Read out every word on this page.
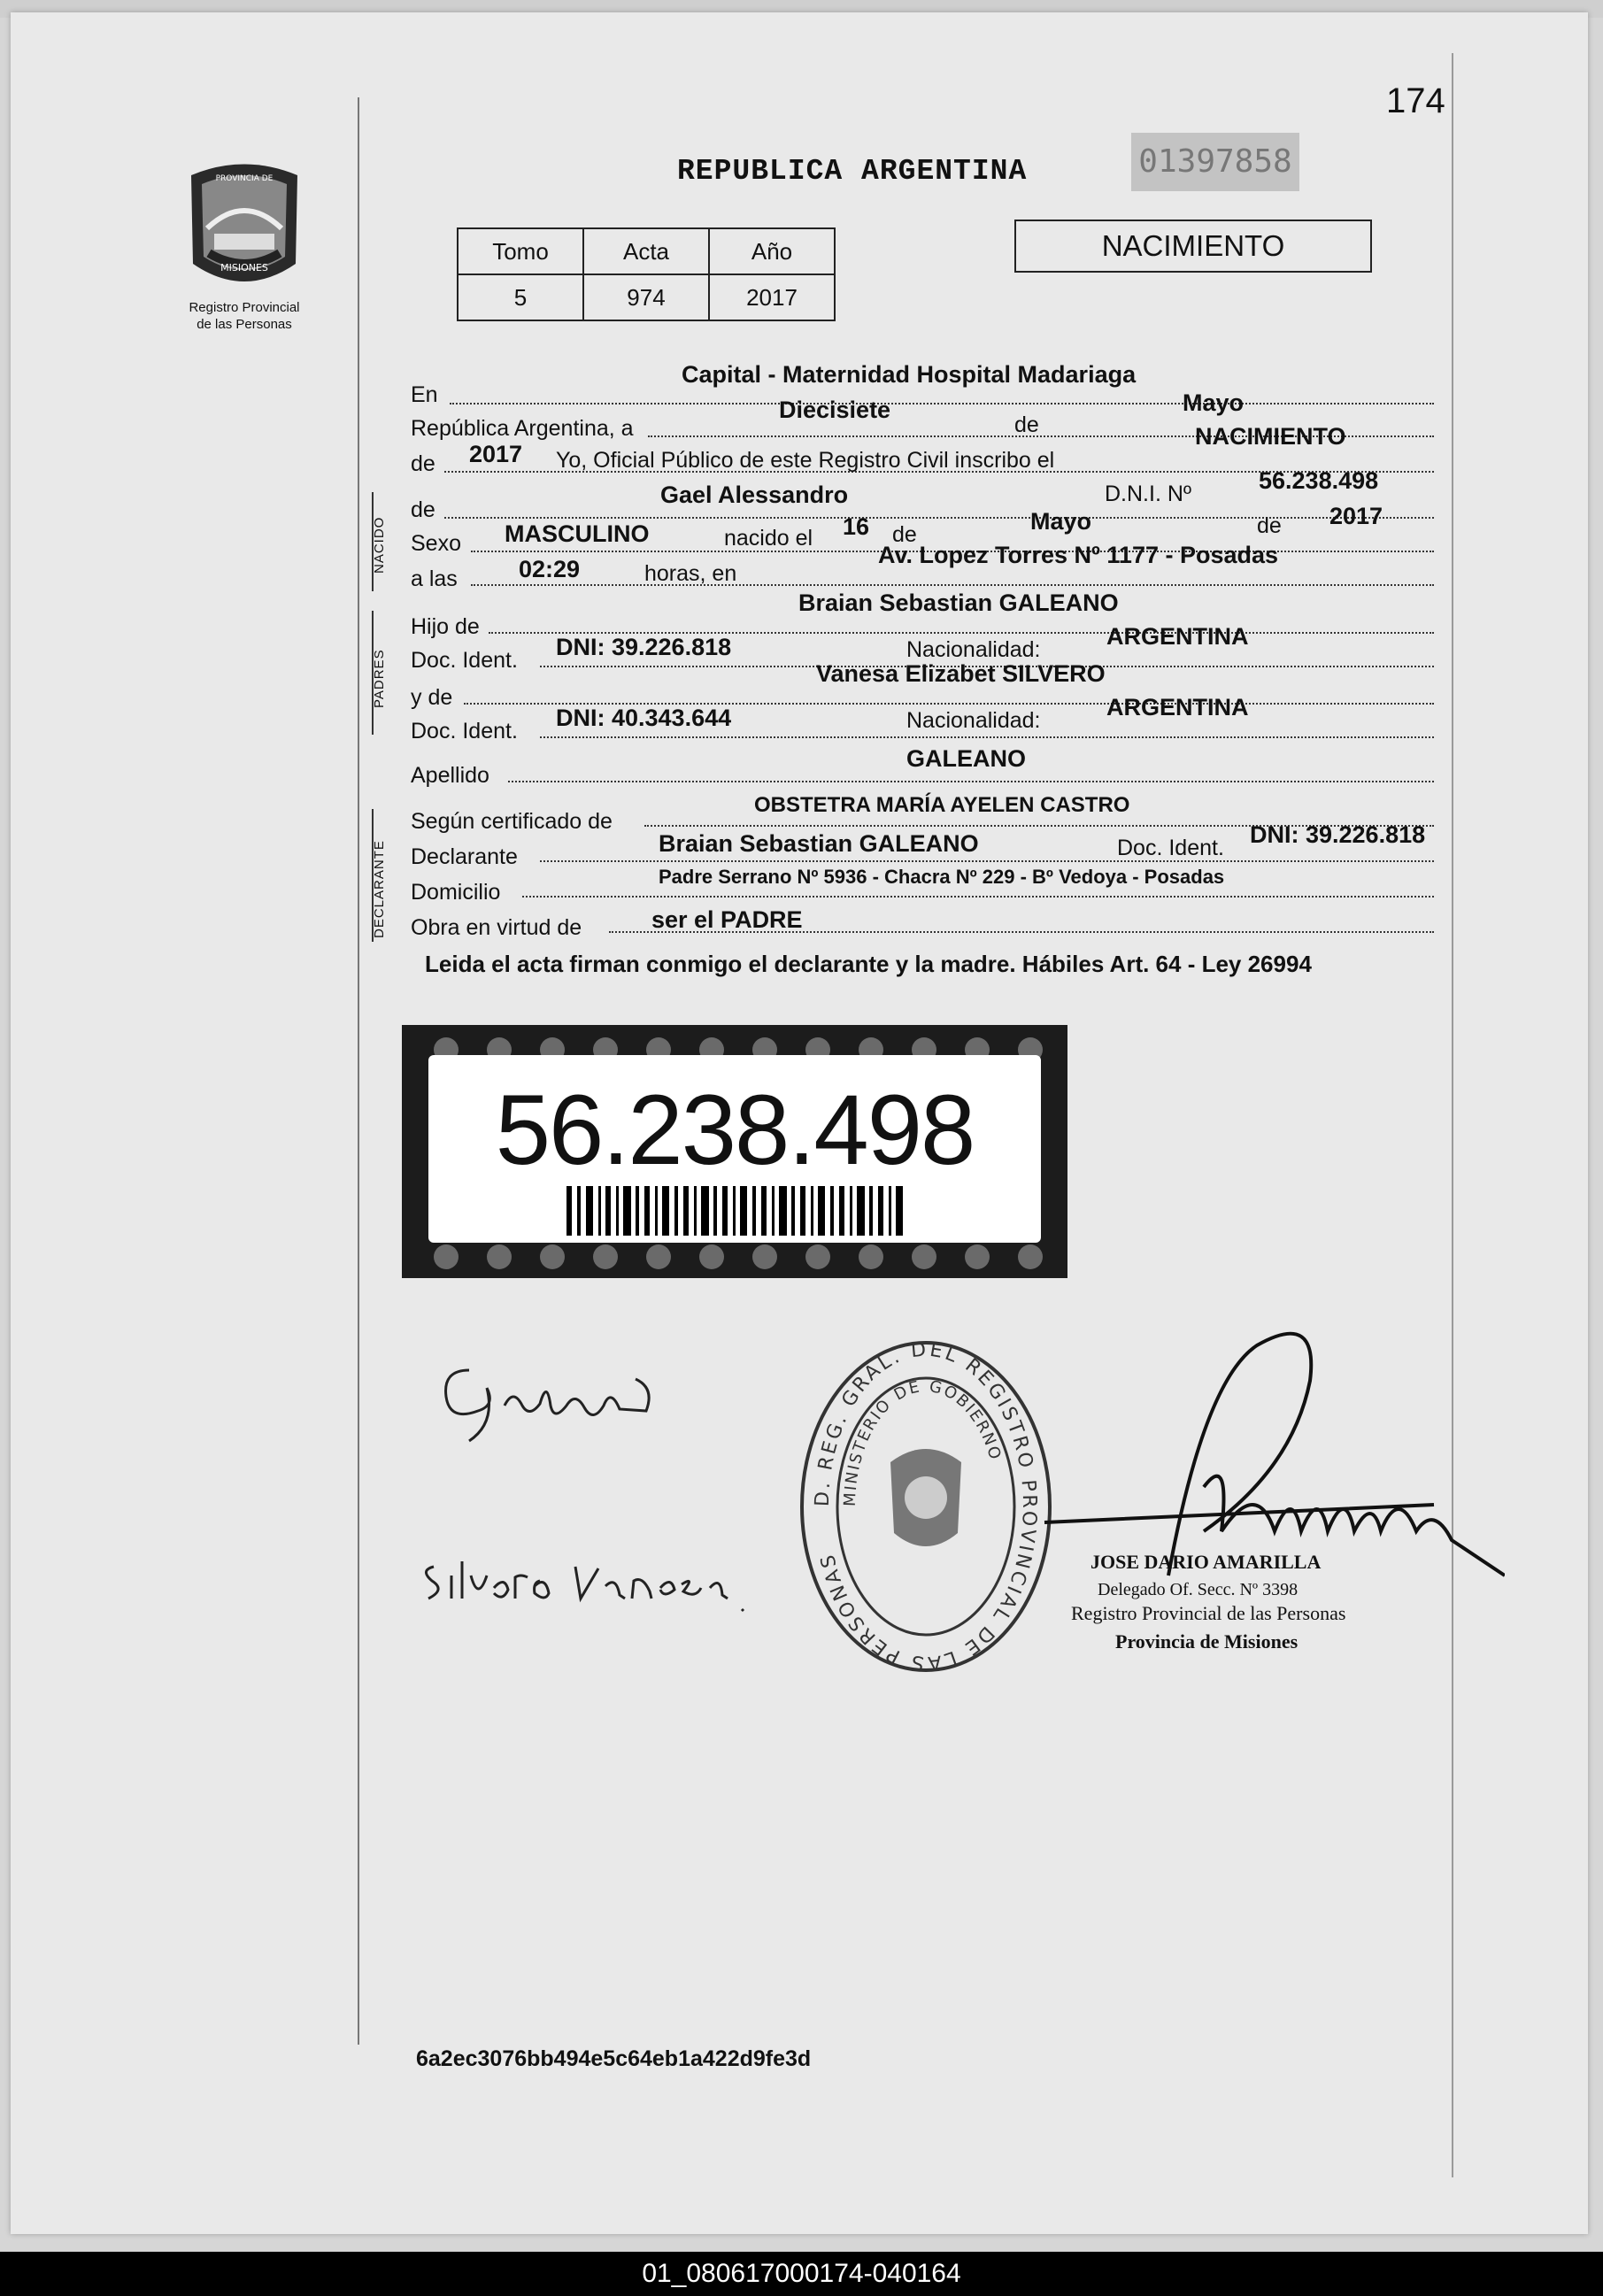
PROVINCIA DE
MISIONES
Registro Provincial
de las Personas
174
REPUBLICA ARGENTINA	01397858
Tomo	Acta	Año
5	974	2017
NACIMIENTO
En
Capital - Maternidad Hospital Madariaga
República Argentina, a
Diecisiete
de
Mayo
de 2017 Yo, Oficial Público de este Registro Civil inscribo el
NACIMIENTO
NACIDO
de
Gael Alessandro	D.N.I. Nº	56.238.498
Sexo MASCULINO	nacido el 16 de	Mayo	de 2017
a las	02:29	horas, en
Av. Lopez Torres Nº 1177 - Posadas
PADRES
Hijo de
Braian Sebastian GALEANO
Doc. Ident. DNI: 39.226.818	Nacionalidad:	ARGENTINA
y de
Vanesa Elizabet SILVERO
Doc. Ident. DNI: 40.343.644	Nacionalidad:	ARGENTINA
Apellido
GALEANO
DECLARANTE
Según certificado de
OBSTETRA MARÍA AYELEN CASTRO
Declarante	Braian Sebastian GALEANO	Doc. Ident. DNI: 39.226.818
Domicilio
Padre Serrano Nº 5936 - Chacra Nº 229 - Bº Vedoya - Posadas
Obra en virtud de	ser el PADRE
Leida el acta firman conmigo el declarante y la madre. Hábiles Art. 64 - Ley 26994
56.238.498
D. REG. GRAL. DEL REGISTRO PROVINCIAL DE LAS PERSONAS
MINISTERIO DE GOBIERNO
JOSE DARIO AMARILLA
Delegado Of. Secc. Nº 3398
Registro Provincial de las Personas
Provincia de Misiones
6a2ec3076bb494e5c64eb1a422d9fe3d
01_080617000174-040164
